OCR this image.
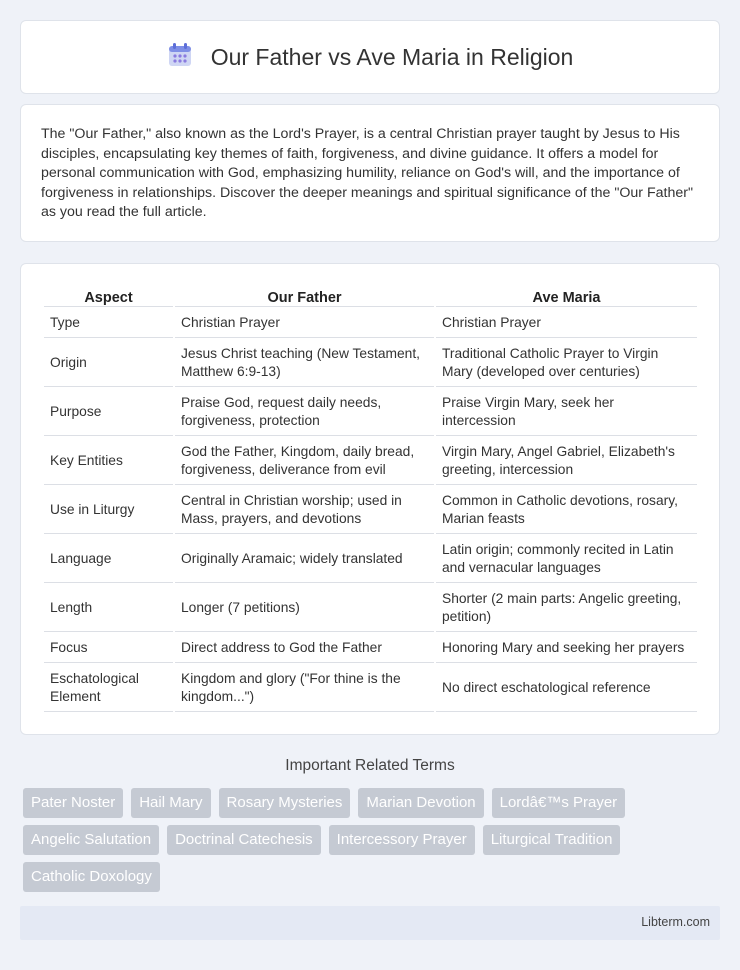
Our Father vs Ave Maria in Religion

The "Our Father," also known as the Lord's Prayer, is a central Christian prayer taught by Jesus to His disciples, encapsulating key themes of faith, forgiveness, and divine guidance. It offers a model for personal communication with God, emphasizing humility, reliance on God's will, and the importance of forgiveness in relationships. Discover the deeper meanings and spiritual significance of the "Our Father" as you read the full article.

Aspect	Our Father	Ave Maria
Type	Christian Prayer	Christian Prayer
Origin	Jesus Christ teaching (New Testament, Matthew 6:9-13)	Traditional Catholic Prayer to Virgin Mary (developed over centuries)
Purpose	Praise God, request daily needs, forgiveness, protection	Praise Virgin Mary, seek her intercession
Key Entities	God the Father, Kingdom, daily bread, forgiveness, deliverance from evil	Virgin Mary, Angel Gabriel, Elizabeth's greeting, intercession
Use in Liturgy	Central in Christian worship; used in Mass, prayers, and devotions	Common in Catholic devotions, rosary, Marian feasts
Language	Originally Aramaic; widely translated	Latin origin; commonly recited in Latin and vernacular languages
Length	Longer (7 petitions)	Shorter (2 main parts: Angelic greeting, petition)
Focus	Direct address to God the Father	Honoring Mary and seeking her prayers
Eschatological Element	Kingdom and glory ("For thine is the kingdom...")	No direct eschatological reference
Important Related Terms
Pater Noster	Hail Mary	Rosary Mysteries	Marian Devotion	Lordâ€™s Prayer
Angelic Salutation	Doctrinal Catechesis	Intercessory Prayer	Liturgical Tradition
Catholic Doxology
Libterm.com
